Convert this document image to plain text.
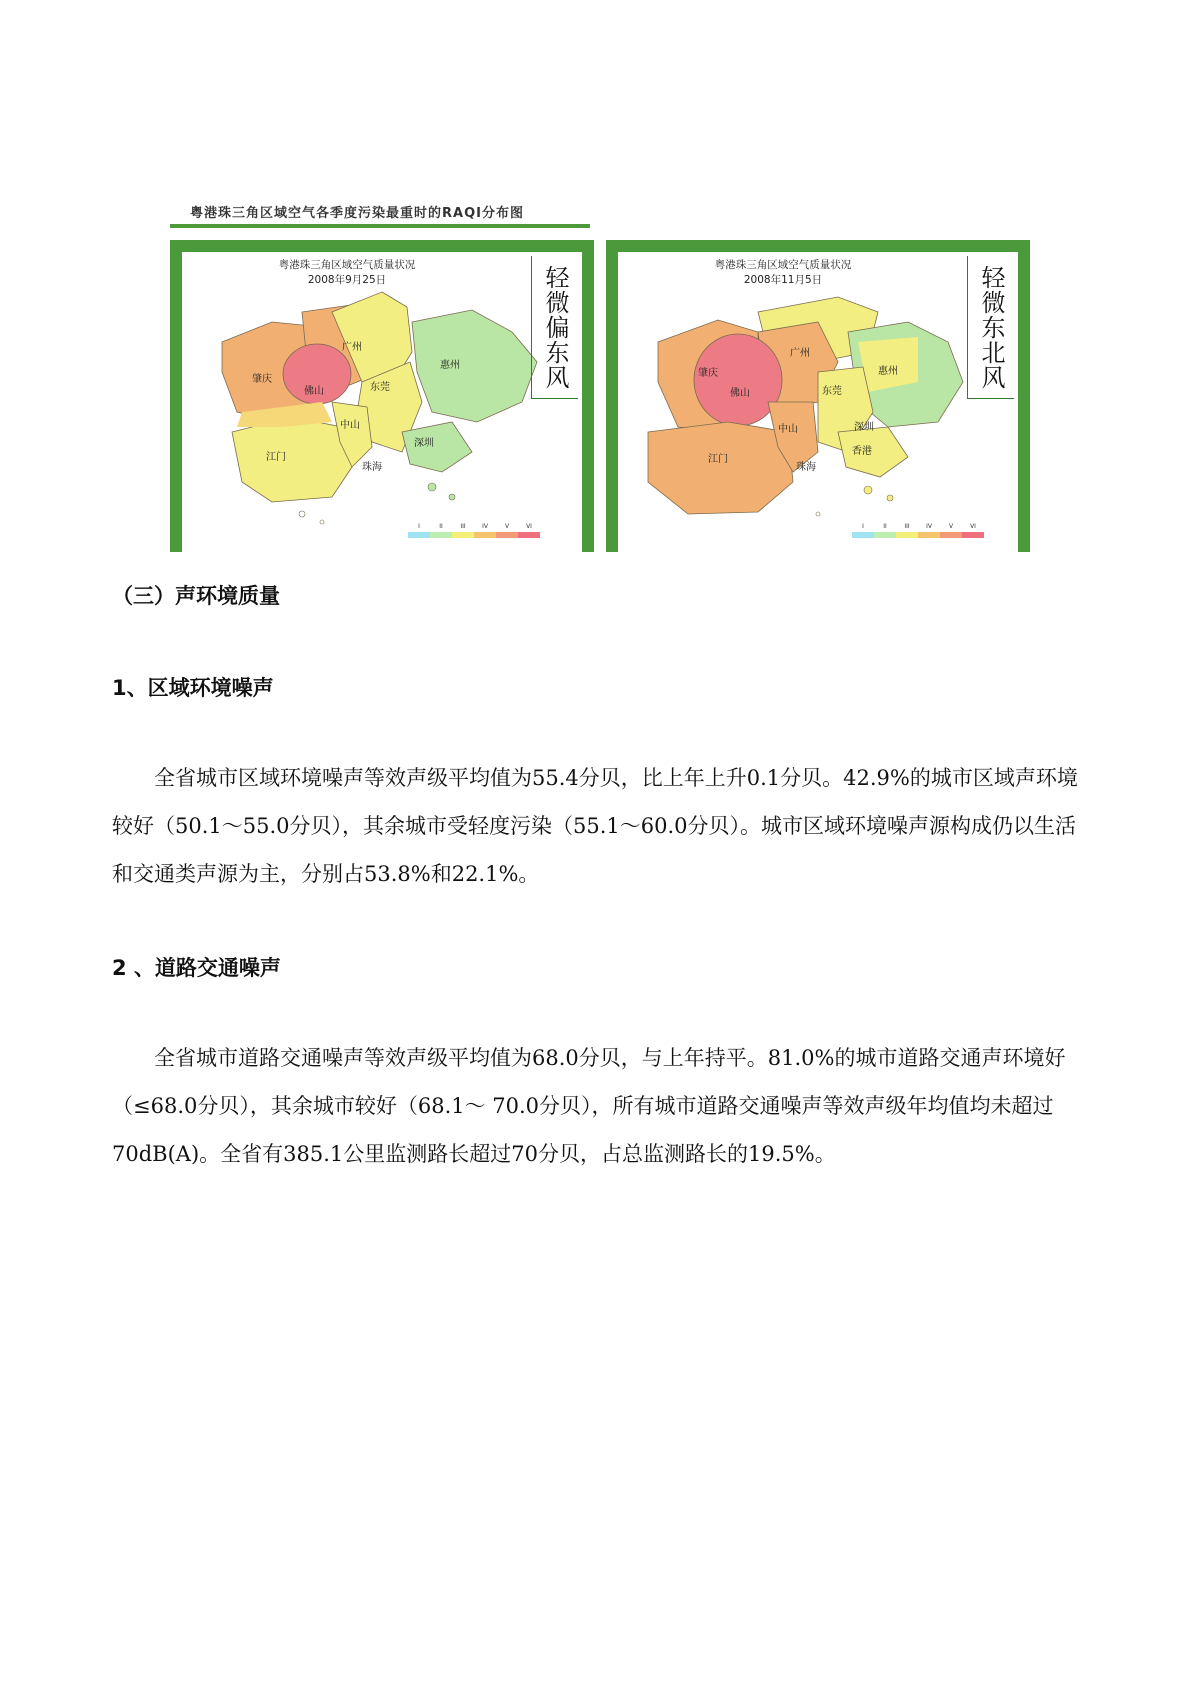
粤港珠三角区域空气各季度污染最重时的RAQI分布图
粤港珠三角区域空气质量状况
2008年9月25日	轻微偏东风
肇庆
广州
佛山	东莞
惠州
中山
深圳
江门
珠海
I	II	III	IV	V	VI
粤港珠三角区域空气质量状况
2008年11月5日	轻微东北风
肇庆
广州
佛山	东莞
惠州
中山	深圳
香港
江门
珠海
I	II	III	IV	V	VI
（三）声环境质量
1、区域环境噪声
全省城市区域环境噪声等效声级平均值为55.4分贝，比上年上升0.1分贝。42.9%的城市区域声环境较好（50.1～55.0分贝），其余城市受轻度污染（55.1～60.0分贝）。城市区域环境噪声源构成仍以生活和交通类声源为主，分别占53.8%和22.1%。
2 、道路交通噪声
全省城市道路交通噪声等效声级平均值为68.0分贝，与上年持平。81.0%的城市道路交通声环境好（≤68.0分贝），其余城市较好（68.1～ 70.0分贝），所有城市道路交通噪声等效声级年均值均未超过70dB(A)。全省有385.1公里监测路长超过70分贝，占总监测路长的19.5%。
